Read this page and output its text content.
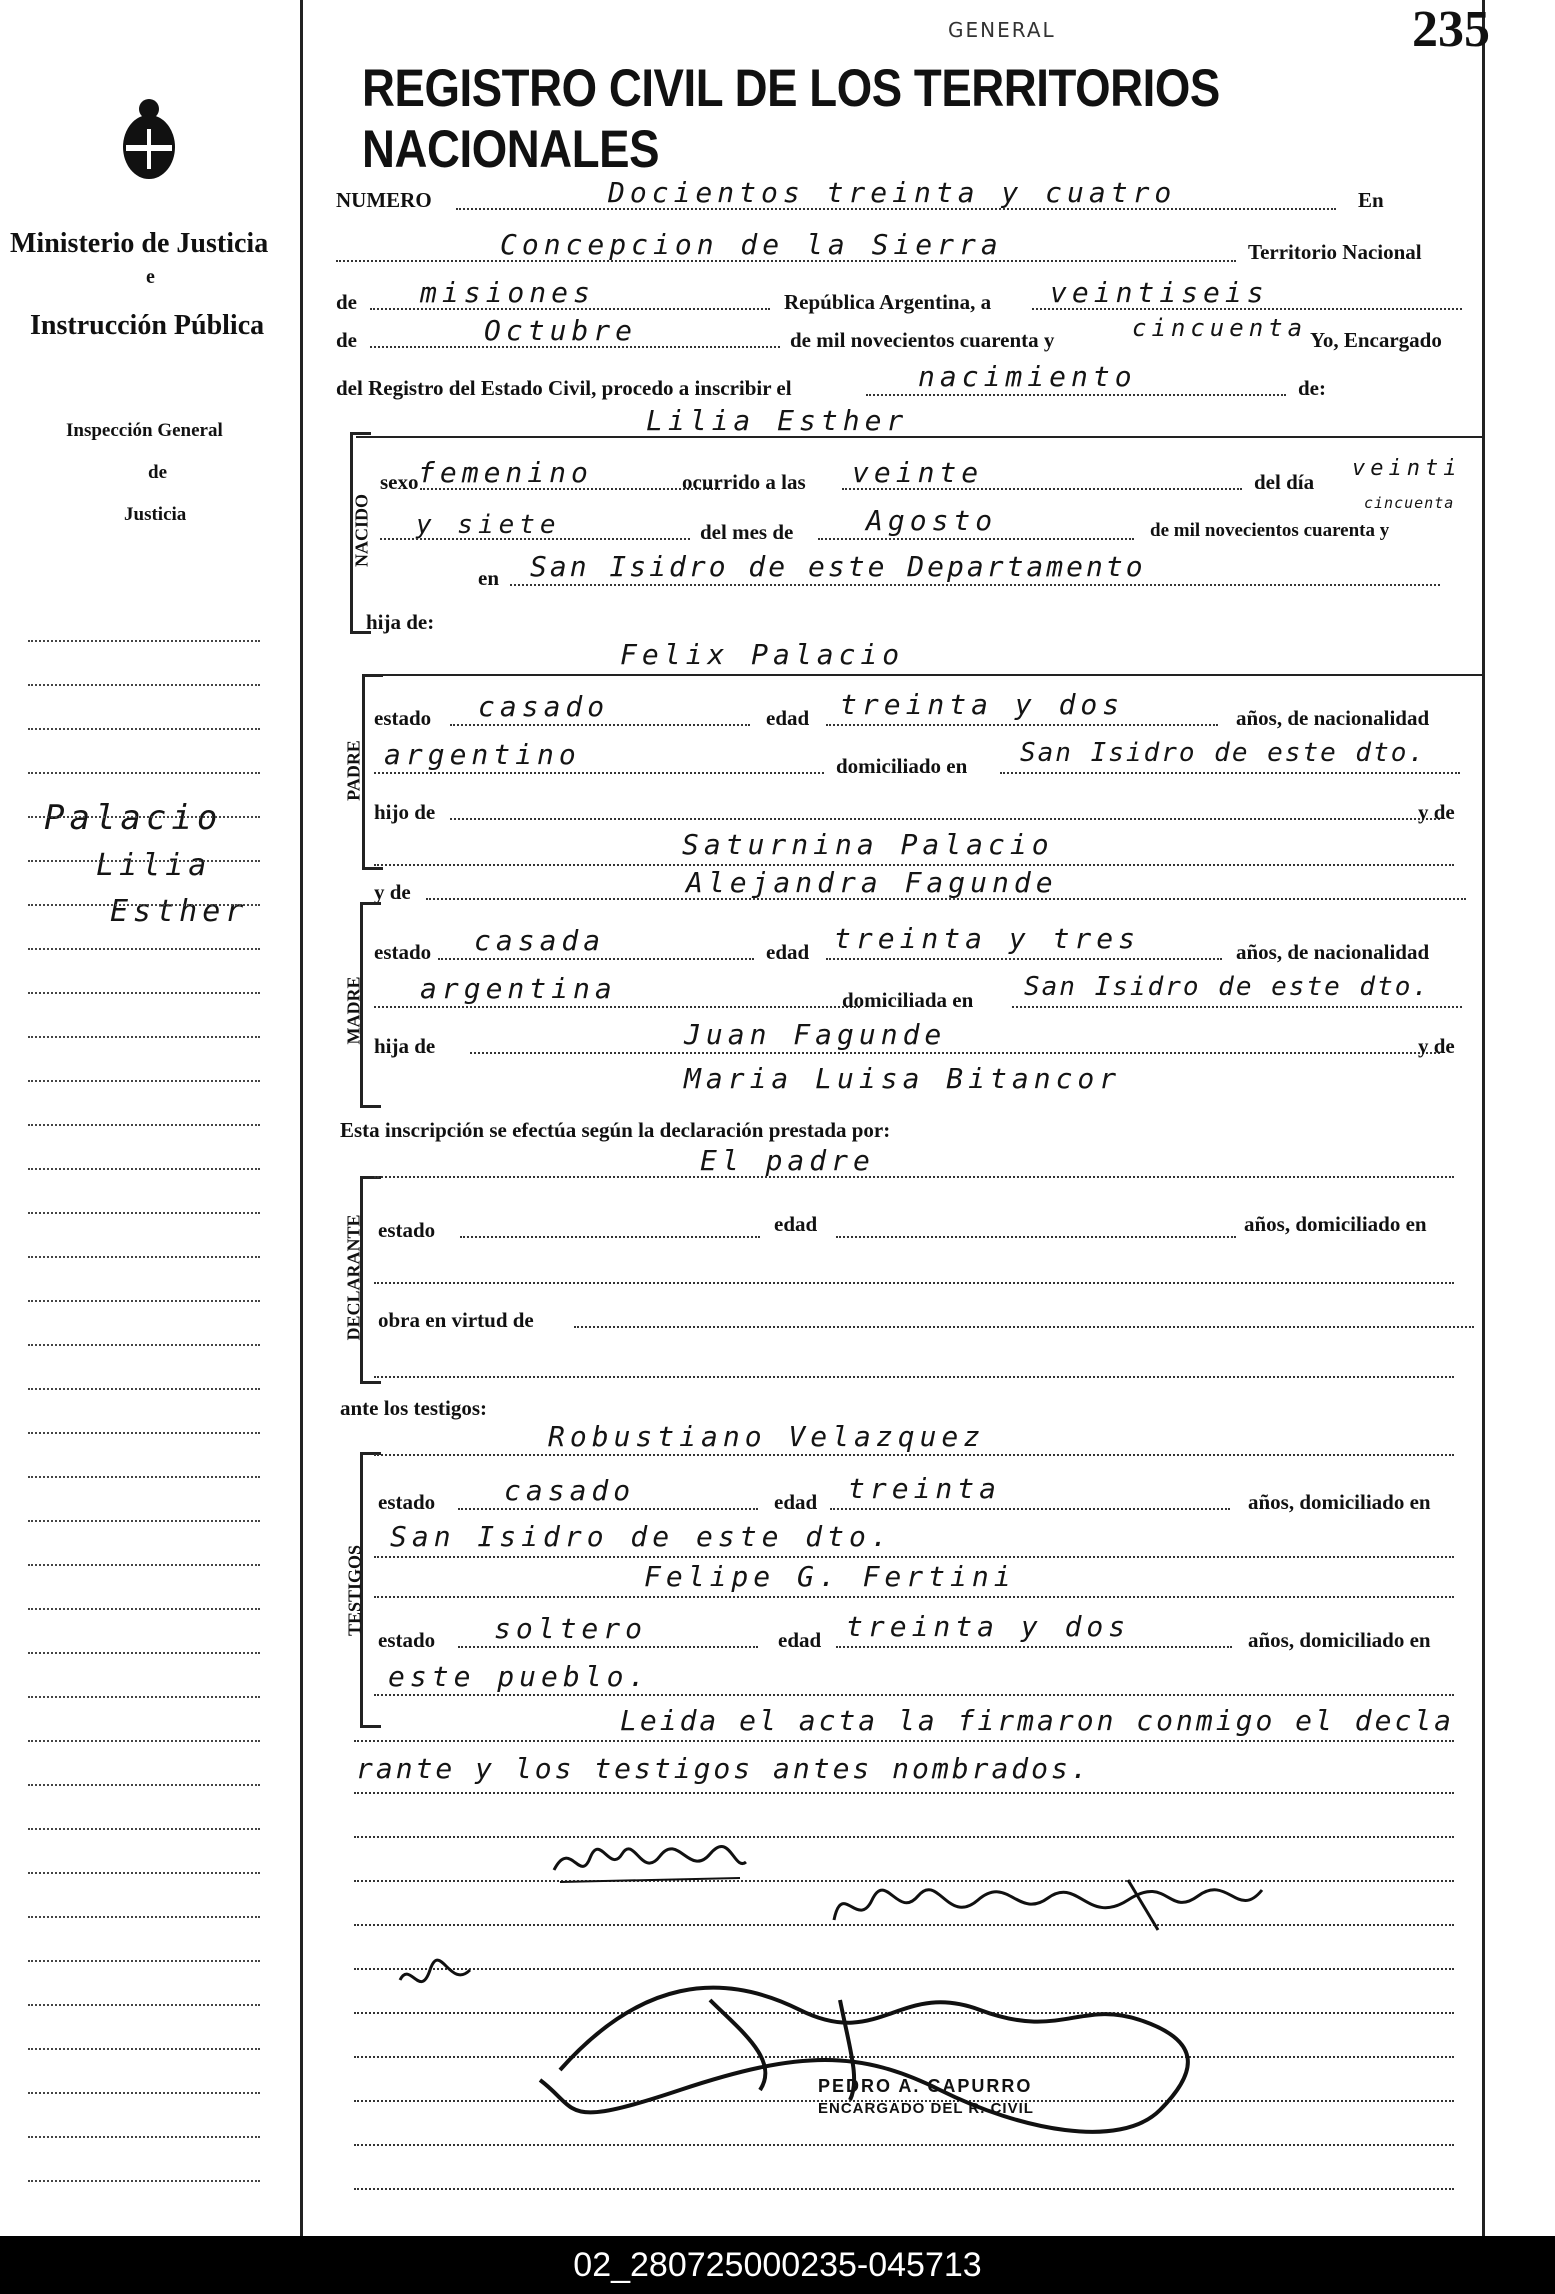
Ministerio de Justicia
e
Instrucción Pública
Inspección General
de
Justicia
Palacio
Lilia
Esther
GENERAL	235
REGISTRO CIVIL DE LOS TERRITORIOS NACIONALES
NUMERO	Docientos treinta y cuatro	En
Concepcion de la Sierra	Territorio Nacional
de misiones	República Argentina, a veintiseis
de	Octubre	de mil novecientos cuarenta y	cincuenta Yo, Encargado
del Registro del Estado Civil, procedo a inscribir el	nacimiento	de:
NACIDO
Lilia Esther
sexo femenino	ocurrido a las veinte	del día
veinti
y siete	del mes de	Agosto	de mil novecientos cuarenta y
cincuenta
en San Isidro de este Departamento
hija de:
Felix Palacio
PADRE
estado casado	edad treinta y dos	años, de nacionalidad
argentino	domiciliado en San Isidro de este dto.
hijo de	y de
Saturnina Palacio
y de	Alejandra Fagunde
MADRE
estado casada	edad treinta y tres	años, de nacionalidad
argentina	domiciliada en San Isidro de este dto.
hija de	Juan Fagunde	y de
Maria Luisa Bitancor
Esta inscripción se efectúa según la declaración prestada por:
El padre
DECLARANTE estado	edad	años, domiciliado en
obra en virtud de
ante los testigos:
Robustiano Velazquez
TESTIGOS
estado casado	edad treinta	años, domiciliado en
San Isidro de este dto.
Felipe G. Fertini
estado soltero	edad treinta y dos	años, domiciliado en
este pueblo.
Leida el acta la firmaron conmigo el decla
rante y los testigos antes nombrados.
PEDRO A. CAPURRO
ENCARGADO DEL R. CIVIL
02_280725000235-045713
